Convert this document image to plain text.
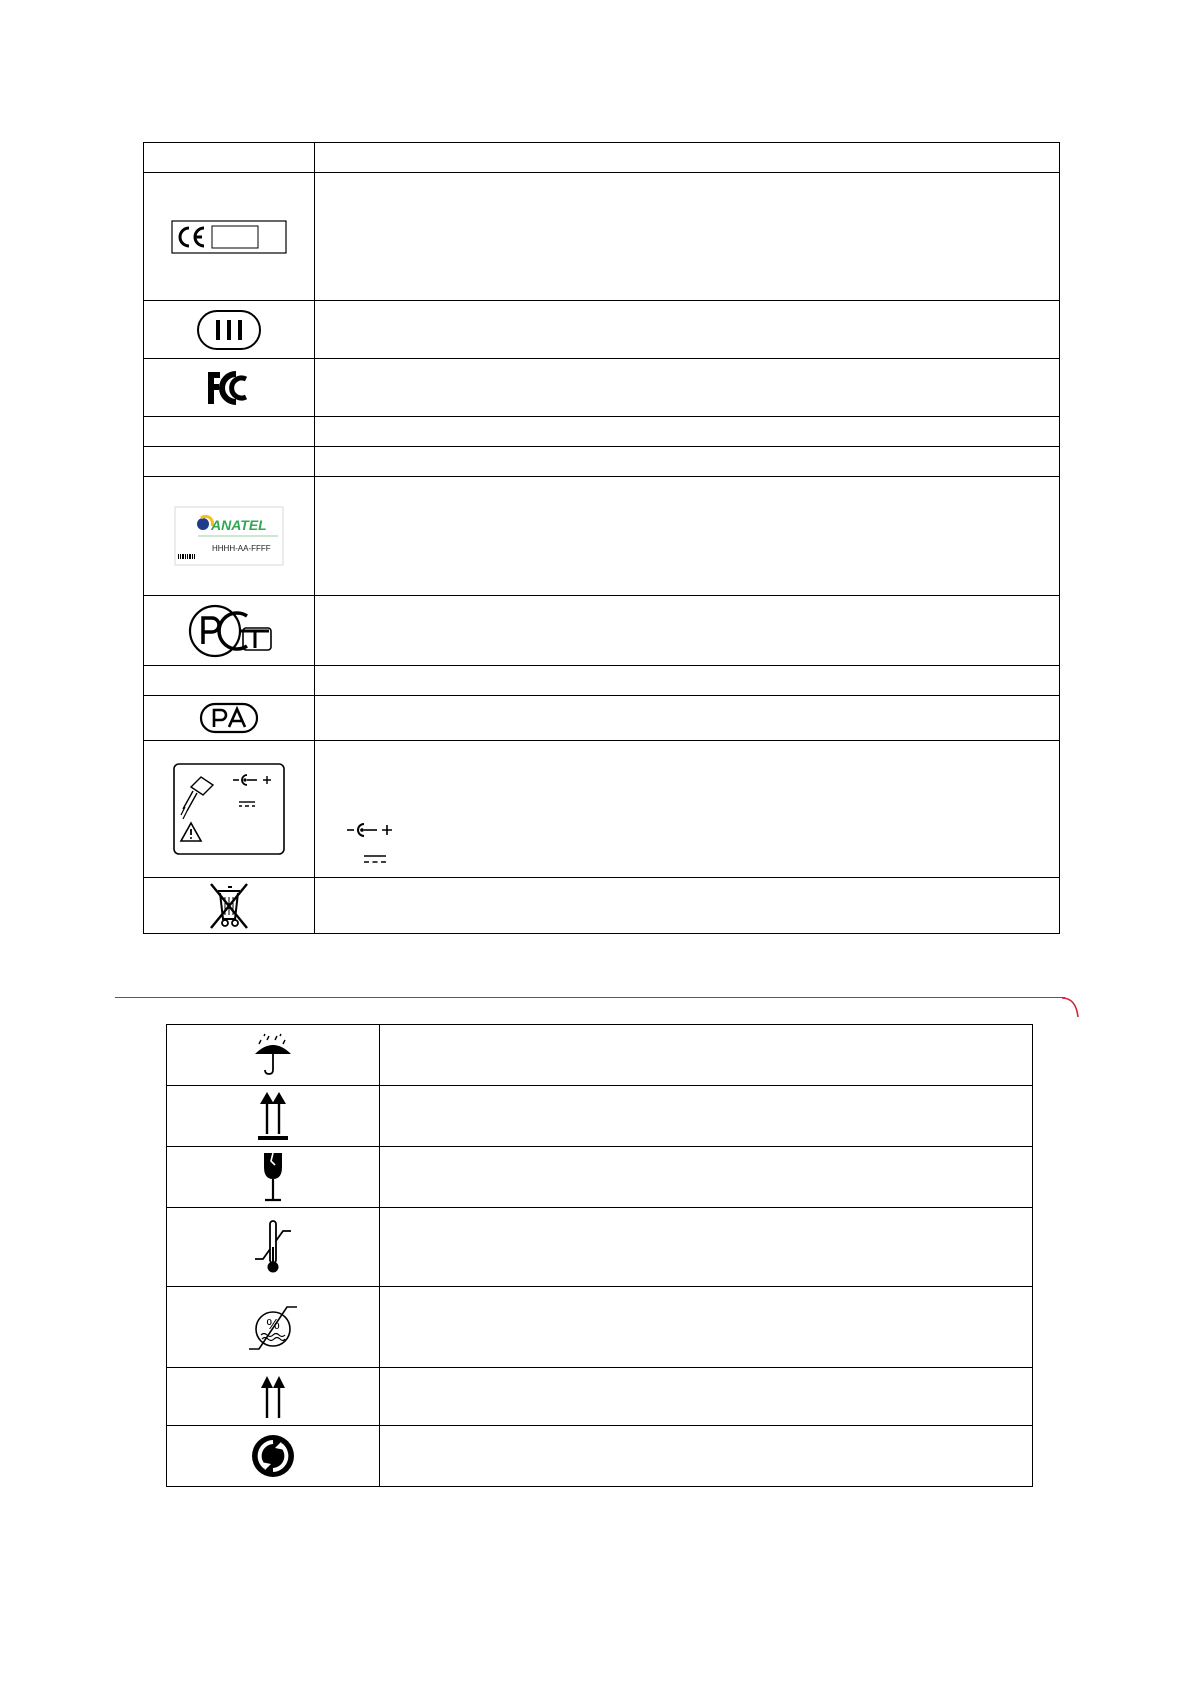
ANATEL
HHHH-AA-FFFF	

%	
